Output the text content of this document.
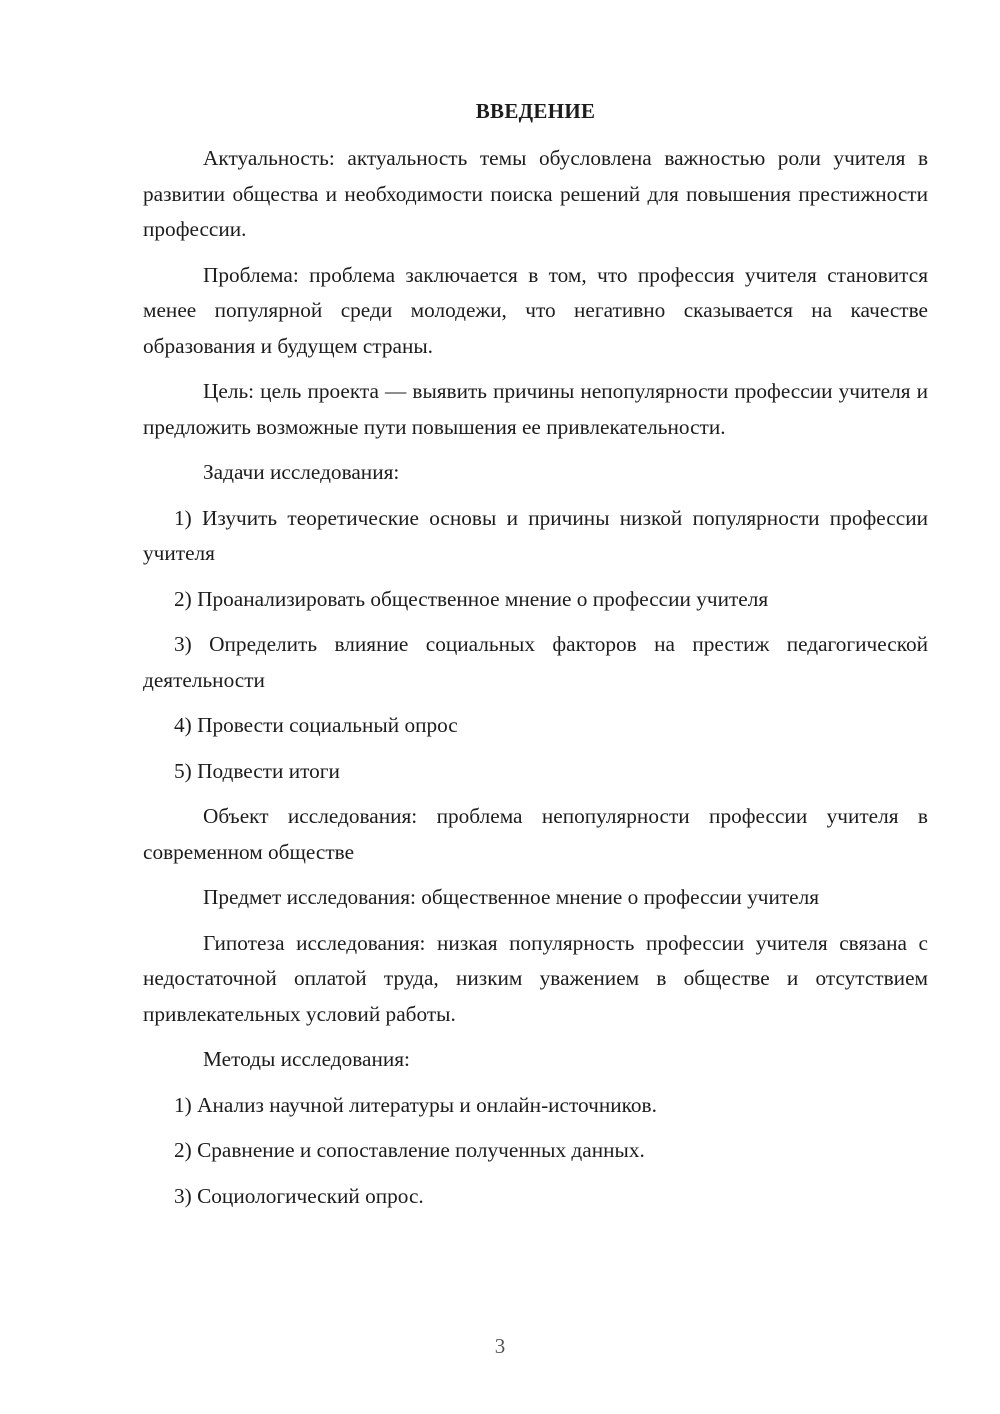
ВВЕДЕНИЕ

Актуальность: актуальность темы обусловлена важностью роли учителя в развитии общества и необходимости поиска решений для повышения престижности профессии.

Проблема: проблема заключается в том, что профессия учителя становится менее популярной среди молодежи, что негативно сказывается на качестве образования и будущем страны.

Цель: цель проекта — выявить причины непопулярности профессии учителя и предложить возможные пути повышения ее привлекательности.

Задачи исследования:

1) Изучить теоретические основы и причины низкой популярности профессии учителя

2) Проанализировать общественное мнение о профессии учителя

3) Определить влияние социальных факторов на престиж педагогической деятельности

4) Провести социальный опрос

5) Подвести итоги

Объект исследования: проблема непопулярности профессии учителя в современном обществе

Предмет исследования: общественное мнение о профессии учителя

Гипотеза исследования: низкая популярность профессии учителя связана с недостаточной оплатой труда, низким уважением в обществе и отсутствием привлекательных условий работы.

Методы исследования:

1) Анализ научной литературы и онлайн-источников.

2) Сравнение и сопоставление полученных данных.

3) Социологический опрос.

3
